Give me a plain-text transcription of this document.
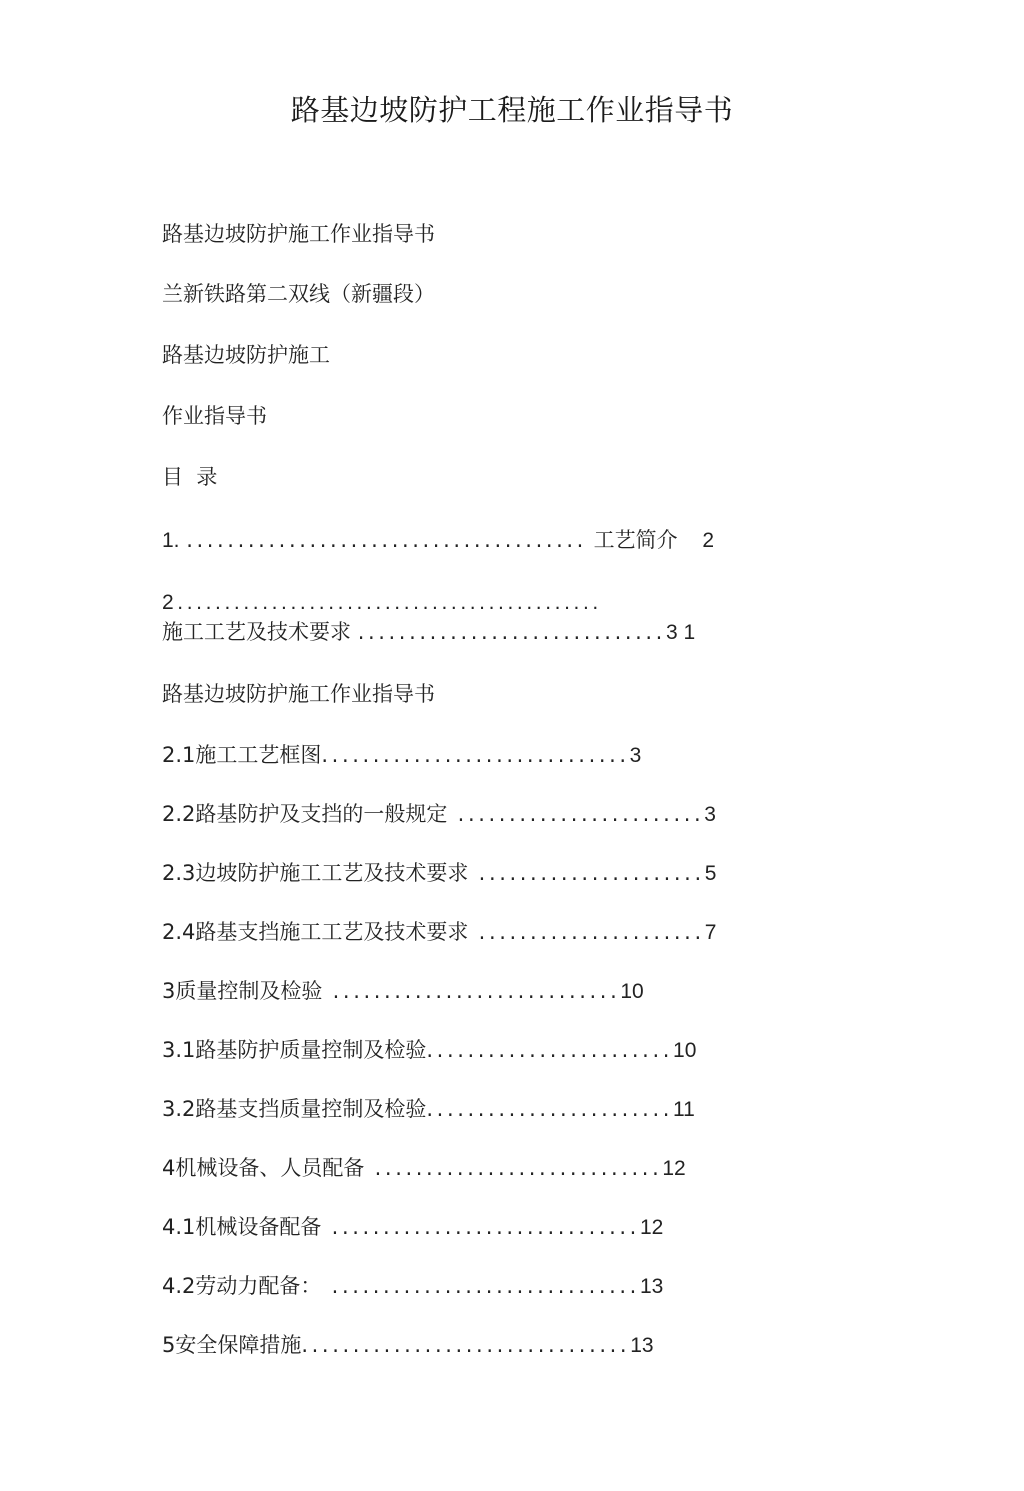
路基边坡防护工程施工作业指导书
路基边坡防护施工作业指导书
兰新铁路第二双线（新疆段）
路基边坡防护施工
作业指导书
目  录
1. ....................................... 工艺简介 2
2.............................................
施工工艺及技术要求 ..............................3 1
路基边坡防护施工作业指导书
2.1施工工艺框图..............................3
2.2路基防护及支挡的一般规定 ........................3
2.3边坡防护施工工艺及技术要求 ......................5
2.4路基支挡施工工艺及技术要求 ......................7
3质量控制及检验 ............................10
3.1路基防护质量控制及检验........................10
3.2路基支挡质量控制及检验........................11
4机械设备、人员配备 ............................12
4.1机械设备配备 ..............................12
4.2劳动力配备： ..............................13
5安全保障措施................................13
